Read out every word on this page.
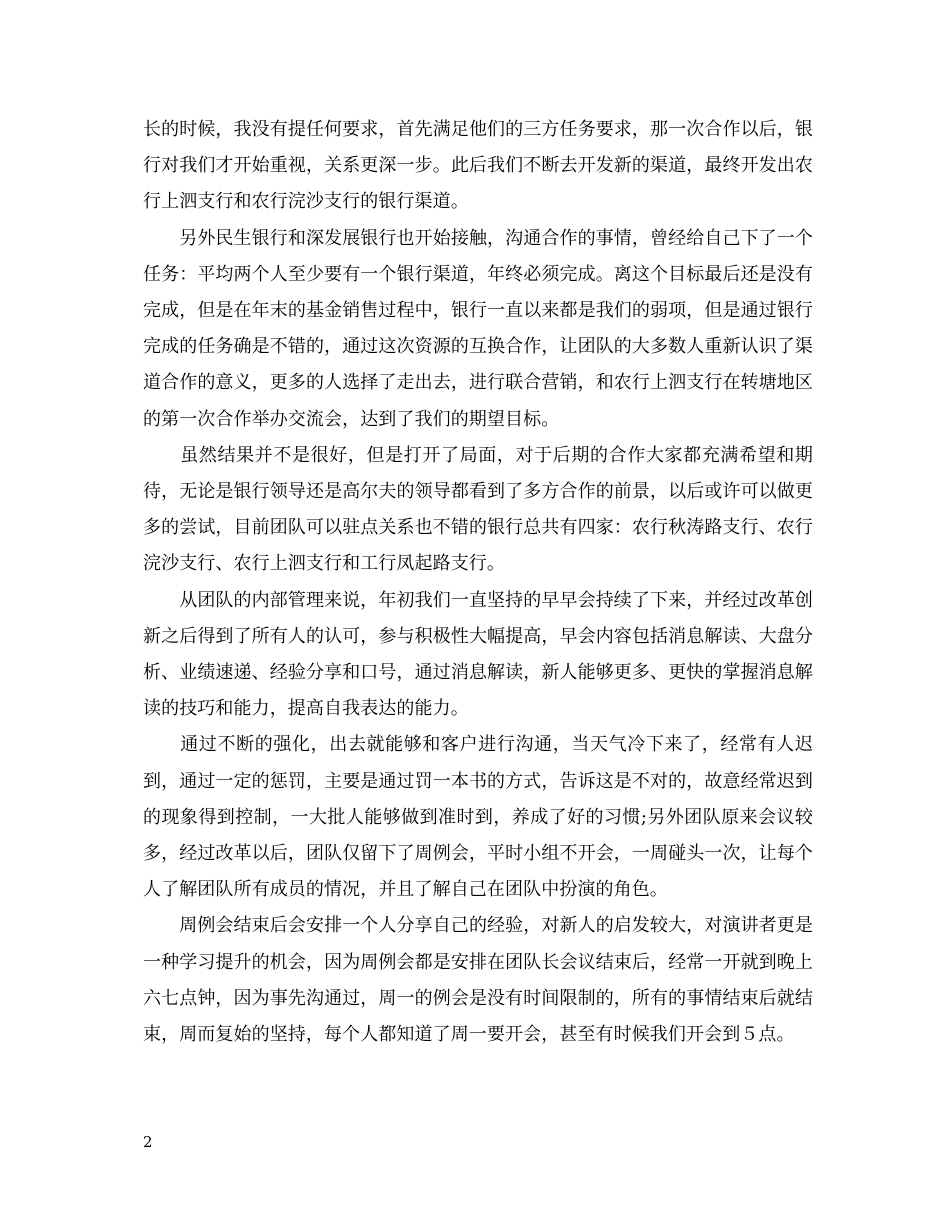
长的时候，我没有提任何要求，首先满足他们的三方任务要求，那一次合作以后，银行对我们才开始重视，关系更深一步。此后我们不断去开发新的渠道，最终开发出农行上泗支行和农行浣沙支行的银行渠道。

　　另外民生银行和深发展银行也开始接触，沟通合作的事情，曾经给自己下了一个任务：平均两个人至少要有一个银行渠道，年终必须完成。离这个目标最后还是没有完成，但是在年末的基金销售过程中，银行一直以来都是我们的弱项，但是通过银行完成的任务确是不错的，通过这次资源的互换合作，让团队的大多数人重新认识了渠道合作的意义，更多的人选择了走出去，进行联合营销，和农行上泗支行在转塘地区的第一次合作举办交流会，达到了我们的期望目标。

　　虽然结果并不是很好，但是打开了局面，对于后期的合作大家都充满希望和期待，无论是银行领导还是高尔夫的领导都看到了多方合作的前景，以后或许可以做更多的尝试，目前团队可以驻点关系也不错的银行总共有四家：农行秋涛路支行、农行浣沙支行、农行上泗支行和工行凤起路支行。

　　从团队的内部管理来说，年初我们一直坚持的早早会持续了下来，并经过改革创新之后得到了所有人的认可，参与积极性大幅提高，早会内容包括消息解读、大盘分析、业绩速递、经验分享和口号，通过消息解读，新人能够更多、更快的掌握消息解读的技巧和能力，提高自我表达的能力。

　　通过不断的强化，出去就能够和客户进行沟通，当天气冷下来了，经常有人迟到，通过一定的惩罚，主要是通过罚一本书的方式，告诉这是不对的，故意经常迟到的现象得到控制，一大批人能够做到准时到，养成了好的习惯;另外团队原来会议较多，经过改革以后，团队仅留下了周例会，平时小组不开会，一周碰头一次，让每个人了解团队所有成员的情况，并且了解自己在团队中扮演的角色。

　　周例会结束后会安排一个人分享自己的经验，对新人的启发较大，对演讲者更是一种学习提升的机会，因为周例会都是安排在团队长会议结束后，经常一开就到晚上六七点钟，因为事先沟通过，周一的例会是没有时间限制的，所有的事情结束后就结束，周而复始的坚持，每个人都知道了周一要开会，甚至有时候我们开会到５点。

2
